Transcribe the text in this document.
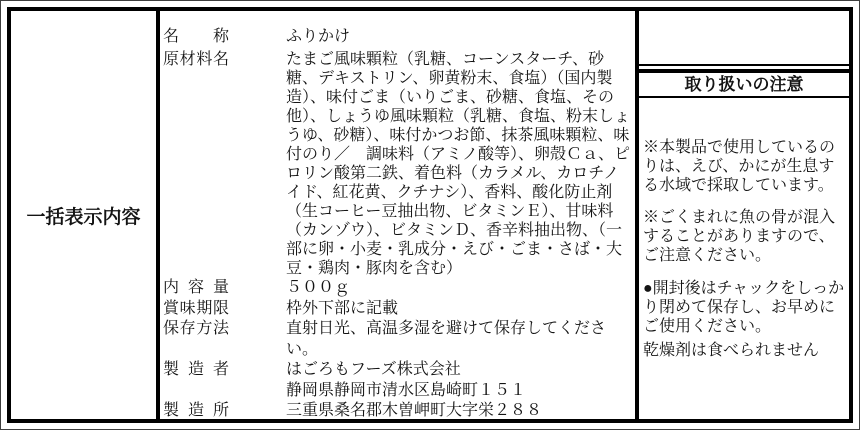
一括表示内容
名称	ふりかけ
原材料名	たまご風味顆粒（乳糖、コーンスターチ、砂糖、デキストリン、卵黄粉末、食塩）（国内製造）、味付ごま（いりごま、砂糖、食塩、その他）、しょうゆ風味顆粒（乳糖、食塩、粉末しょうゆ、砂糖）、味付かつお節、抹茶風味顆粒、味付のり／　調味料（アミノ酸等）、卵殻Ｃａ、ピロリン酸第二鉄、着色料（カラメル、カロチノイド、紅花黄、クチナシ）、香料、酸化防止剤（生コーヒー豆抽出物、ビタミンＥ）、甘味料（カンゾウ）、ビタミンＤ、香辛料抽出物、（一部に卵・小麦・乳成分・えび・ごま・さば・大豆・鶏肉・豚肉を含む）
内容量	５００ｇ
賞味期限	枠外下部に記載
保存方法	直射日光、高温多湿を避けて保存してください。
製造者	はごろもフーズ株式会社
静岡県静岡市清水区島崎町１５１
製造所	三重県桑名郡木曽岬町大字栄２８８
取り扱いの注意

※本製品で使用しているのりは、えび、かにが生息する水域で採取しています。

※ごくまれに魚の骨が混入することがありますので、ご注意ください。

●開封後はチャックをしっかり閉めて保存し、お早めにご使用ください。

乾燥剤は食べられません
